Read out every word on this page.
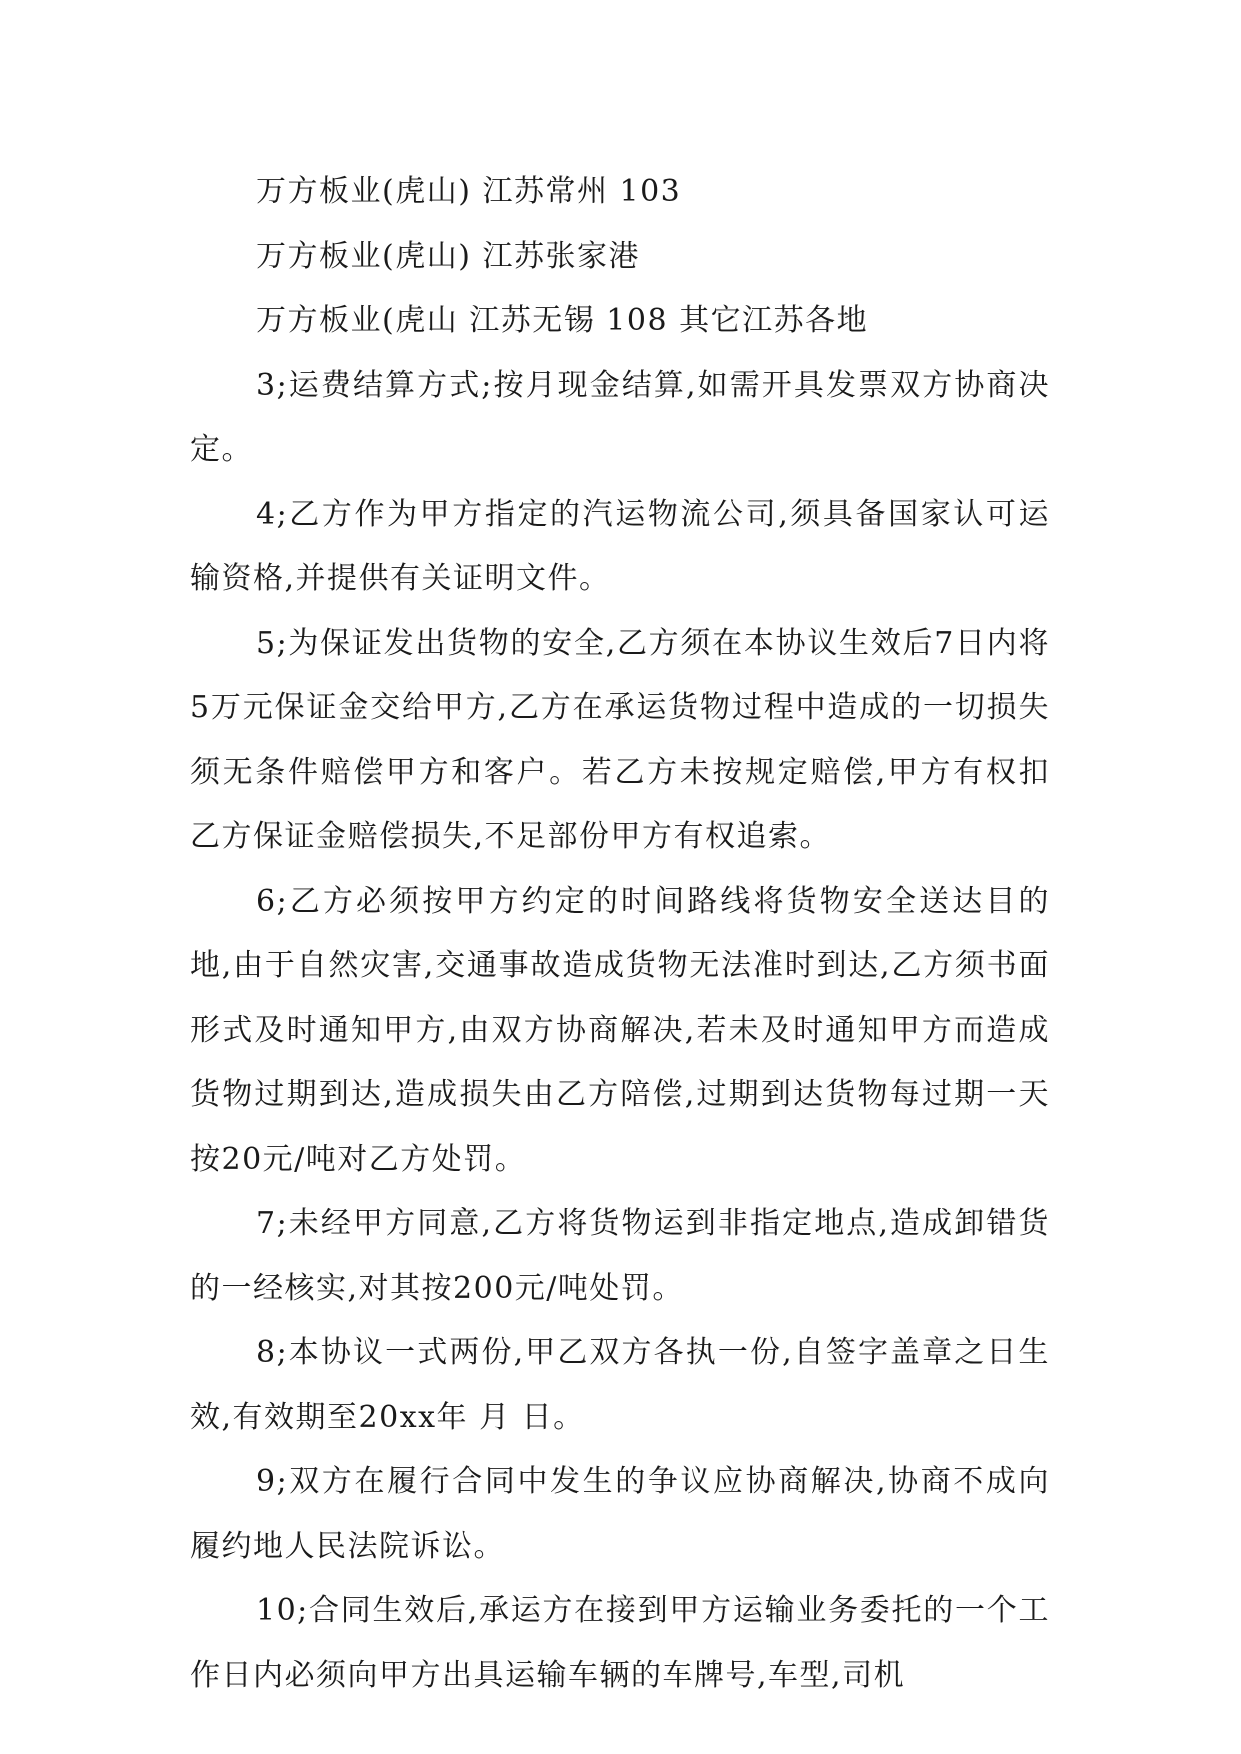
万方板业(虎山) 江苏常州 103

万方板业(虎山) 江苏张家港

万方板业(虎山 江苏无锡 108 其它江苏各地

3;运费结算方式;按月现金结算,如需开具发票双方协商决定。

4;乙方作为甲方指定的汽运物流公司,须具备国家认可运输资格,并提供有关证明文件。

5;为保证发出货物的安全,乙方须在本协议生效后7日内将5万元保证金交给甲方,乙方在承运货物过程中造成的一切损失须无条件赔偿甲方和客户。若乙方未按规定赔偿,甲方有权扣乙方保证金赔偿损失,不足部份甲方有权追索。

6;乙方必须按甲方约定的时间路线将货物安全送达目的地,由于自然灾害,交通事故造成货物无法准时到达,乙方须书面形式及时通知甲方,由双方协商解决,若未及时通知甲方而造成货物过期到达,造成损失由乙方陪偿,过期到达货物每过期一天按20元/吨对乙方处罚。

7;未经甲方同意,乙方将货物运到非指定地点,造成卸错货的一经核实,对其按200元/吨处罚。

8;本协议一式两份,甲乙双方各执一份,自签字盖章之日生效,有效期至20xx年 月 日。

9;双方在履行合同中发生的争议应协商解决,协商不成向履约地人民法院诉讼。

10;合同生效后,承运方在接到甲方运输业务委托的一个工作日内必须向甲方出具运输车辆的车牌号,车型,司机
